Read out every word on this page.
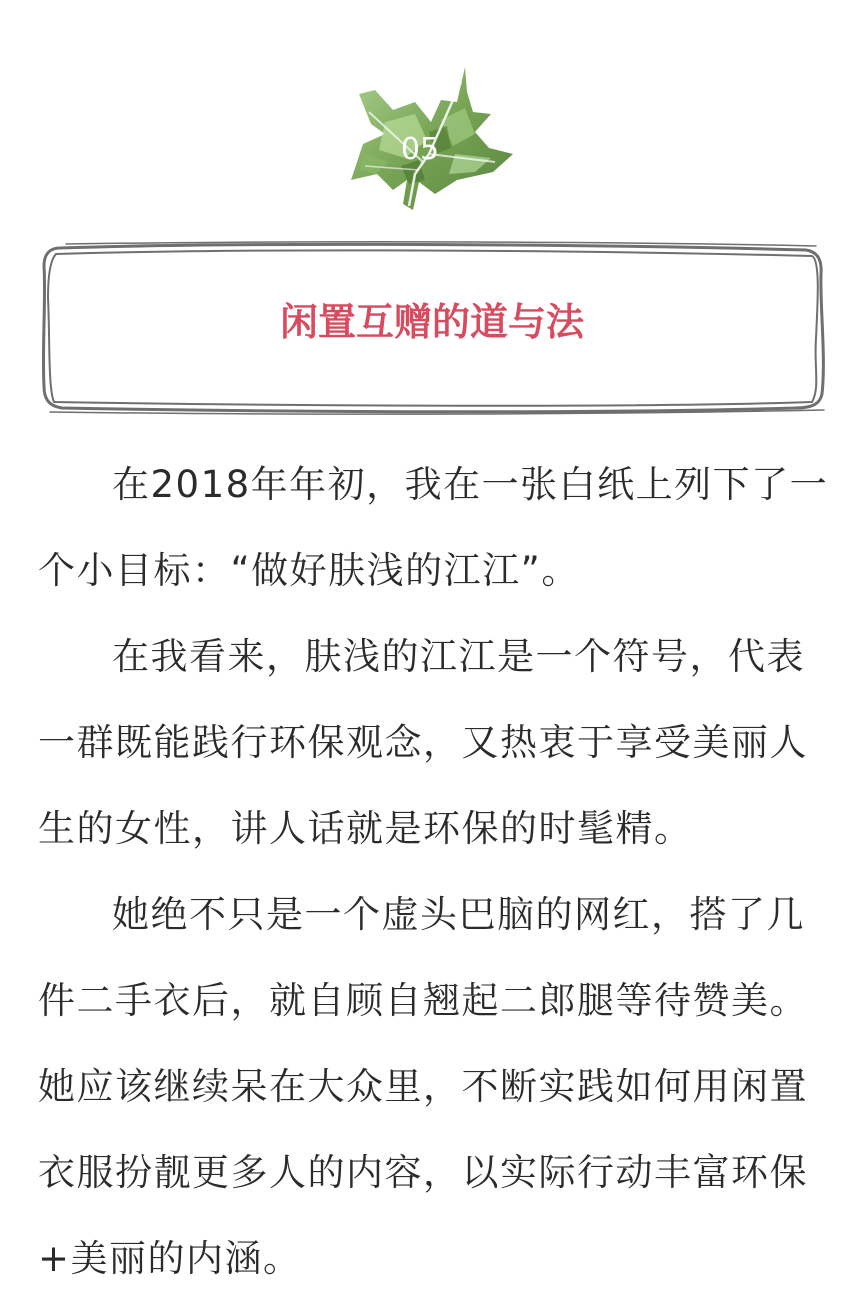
05
闲置互赠的道与法

在2018年年初，我在一张白纸上列下了一个小目标：“做好肤浅的江江”。

在我看来，肤浅的江江是一个符号，代表一群既能践行环保观念，又热衷于享受美丽人生的女性，讲人话就是环保的时髦精。

她绝不只是一个虚头巴脑的网红，搭了几件二手衣后，就自顾自翘起二郎腿等待赞美。她应该继续呆在大众里，不断实践如何用闲置衣服扮靓更多人的内容，以实际行动丰富环保+美丽的内涵。
